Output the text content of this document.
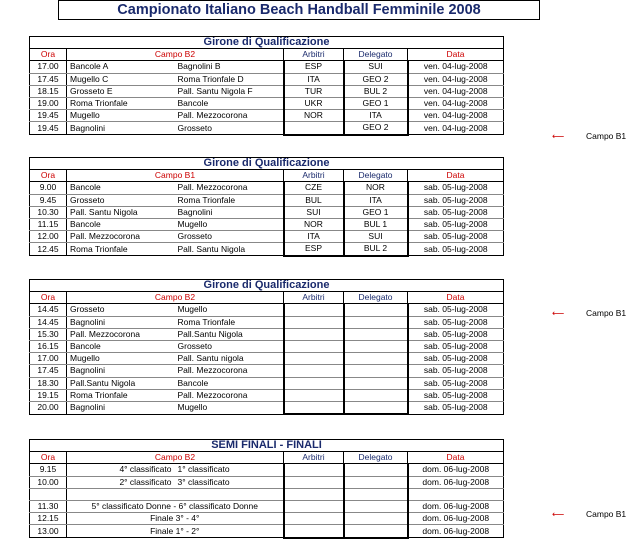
Campionato Italiano Beach Handball Femminile 2008
Girone di Qualificazione					
Ora	Campo B2		Arbitri	Delegato	Data
17.00	Bancole A	Bagnolini B	ESP	SUI	ven. 04-lug-2008
17.45	Mugello C	Roma Trionfale D	ITA	GEO 2	ven. 04-lug-2008
18.15	Grosseto E	Pall. Santu Nigola F	TUR	BUL 2	ven. 04-lug-2008
19.00	Roma Trionfale	Bancole	UKR	GEO 1	ven. 04-lug-2008
19.45	Mugello	Pall. Mezzocorona	NOR	ITA	ven. 04-lug-2008
19.45	Bagnolini	Grosseto		GEO 2	ven. 04-lug-2008
Girone di Qualificazione					
Ora	Campo B1		Arbitri	Delegato	Data
9.00	Bancole	Pall. Mezzocorona	CZE	NOR	sab. 05-lug-2008
9.45	Grosseto	Roma Trionfale	BUL	ITA	sab. 05-lug-2008
10.30	Pall. Santu Nigola	Bagnolini	SUI	GEO 1	sab. 05-lug-2008
11.15	Bancole	Mugello	NOR	BUL 1	sab. 05-lug-2008
12.00	Pall. Mezzocorona	Grosseto	ITA	SUI	sab. 05-lug-2008
12.45	Roma Trionfale	Pall. Santu Nigola	ESP	BUL 2	sab. 05-lug-2008
Girone di Qualificazione					
Ora	Campo B2		Arbitri	Delegato	Data
14.45	Grosseto	Mugello			sab. 05-lug-2008
14.45	Bagnolini	Roma Trionfale			sab. 05-lug-2008
15.30	Pall. Mezzocorona	Pall.Santu Nigola			sab. 05-lug-2008
16.15	Bancole	Grosseto			sab. 05-lug-2008
17.00	Mugello	Pall. Santu nigola			sab. 05-lug-2008
17.45	Bagnolini	Pall. Mezzocorona			sab. 05-lug-2008
18.30	Pall.Santu Nigola	Bancole			sab. 05-lug-2008
19.15	Roma Trionfale	Pall. Mezzocorona			sab. 05-lug-2008
20.00	Bagnolini	Mugello			sab. 05-lug-2008
SEMI FINALI - FINALI					
Ora	Campo B2		Arbitri	Delegato	Data
9.15	4° classificato	1° classificato			dom. 06-lug-2008
10.00	2° classificato	3° classificato			dom. 06-lug-2008

11.30	5° classificato Donne - 6° classificato Donne				dom. 06-lug-2008
12.15	Finale 3° - 4°				dom. 06-lug-2008
13.00	Finale 1° - 2°				dom. 06-lug-2008
⟵	Campo B1
⟵	Campo B1
⟵	Campo B1
